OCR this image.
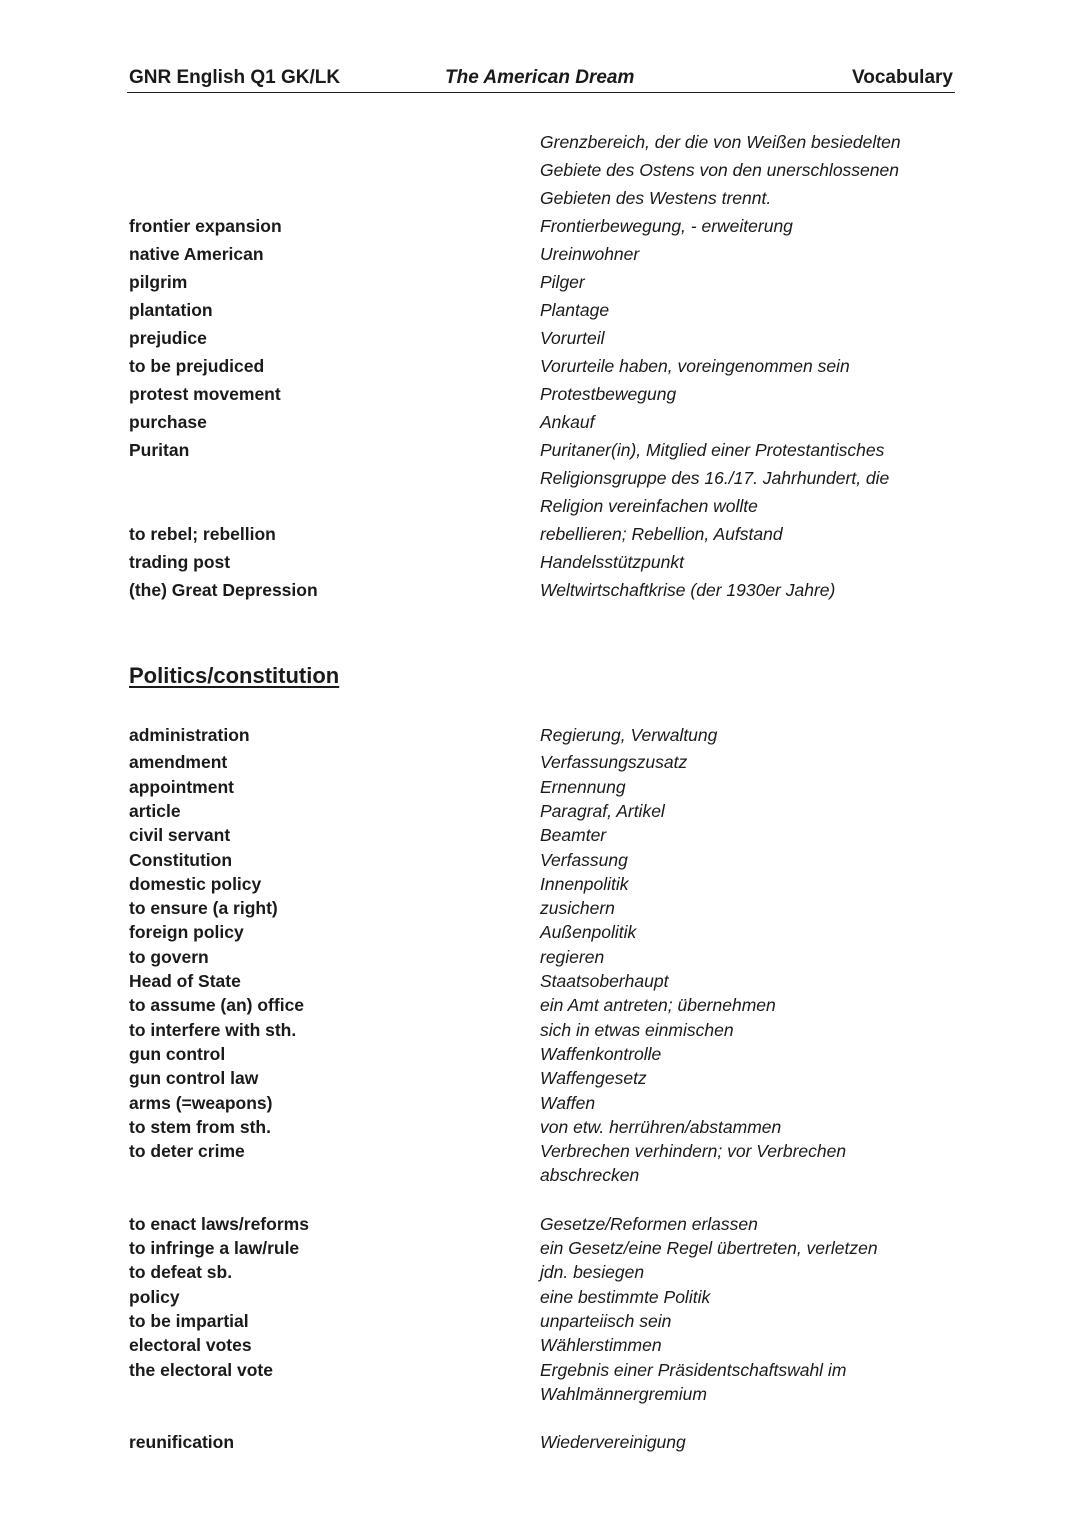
GNR English Q1 GK/LK	The American Dream	Vocabulary
Grenzbereich, der die von Weißen besiedelten
Gebiete des Ostens von den unerschlossenen
Gebieten des Westens trennt.
frontier expansion	Frontierbewegung, - erweiterung
native American	Ureinwohner
pilgrim	Pilger
plantation	Plantage
prejudice	Vorurteil
to be prejudiced	Vorurteile haben, voreingenommen sein
protest movement	Protestbewegung
purchase	Ankauf
Puritan	Puritaner(in), Mitglied einer Protestantisches
Religionsgruppe des 16./17. Jahrhundert, die
Religion vereinfachen wollte
to rebel; rebellion	rebellieren; Rebellion, Aufstand
trading post	Handelsstützpunkt
(the) Great Depression	Weltwirtschaftkrise (der 1930er Jahre)
Politics/constitution
administration	Regierung, Verwaltung
amendment	Verfassungszusatz
appointment	Ernennung
article	Paragraf, Artikel
civil servant	Beamter
Constitution	Verfassung
domestic policy	Innenpolitik
to ensure (a right)	zusichern
foreign policy	Außenpolitik
to govern	regieren
Head of State	Staatsoberhaupt
to assume (an) office	ein Amt antreten; übernehmen
to interfere with sth.	sich in etwas einmischen
gun control	Waffenkontrolle
gun control law	Waffengesetz
arms (=weapons)	Waffen
to stem from sth.	von etw. herrühren/abstammen
to deter crime	Verbrechen verhindern; vor Verbrechen
abschrecken
to enact laws/reforms	Gesetze/Reformen erlassen
to infringe a law/rule	ein Gesetz/eine Regel übertreten, verletzen
to defeat sb.	jdn. besiegen
policy	eine bestimmte Politik
to be impartial	unparteiisch sein
electoral votes	Wählerstimmen
the electoral vote	Ergebnis einer Präsidentschaftswahl im
Wahlmännergremium
reunification	Wiedervereinigung
